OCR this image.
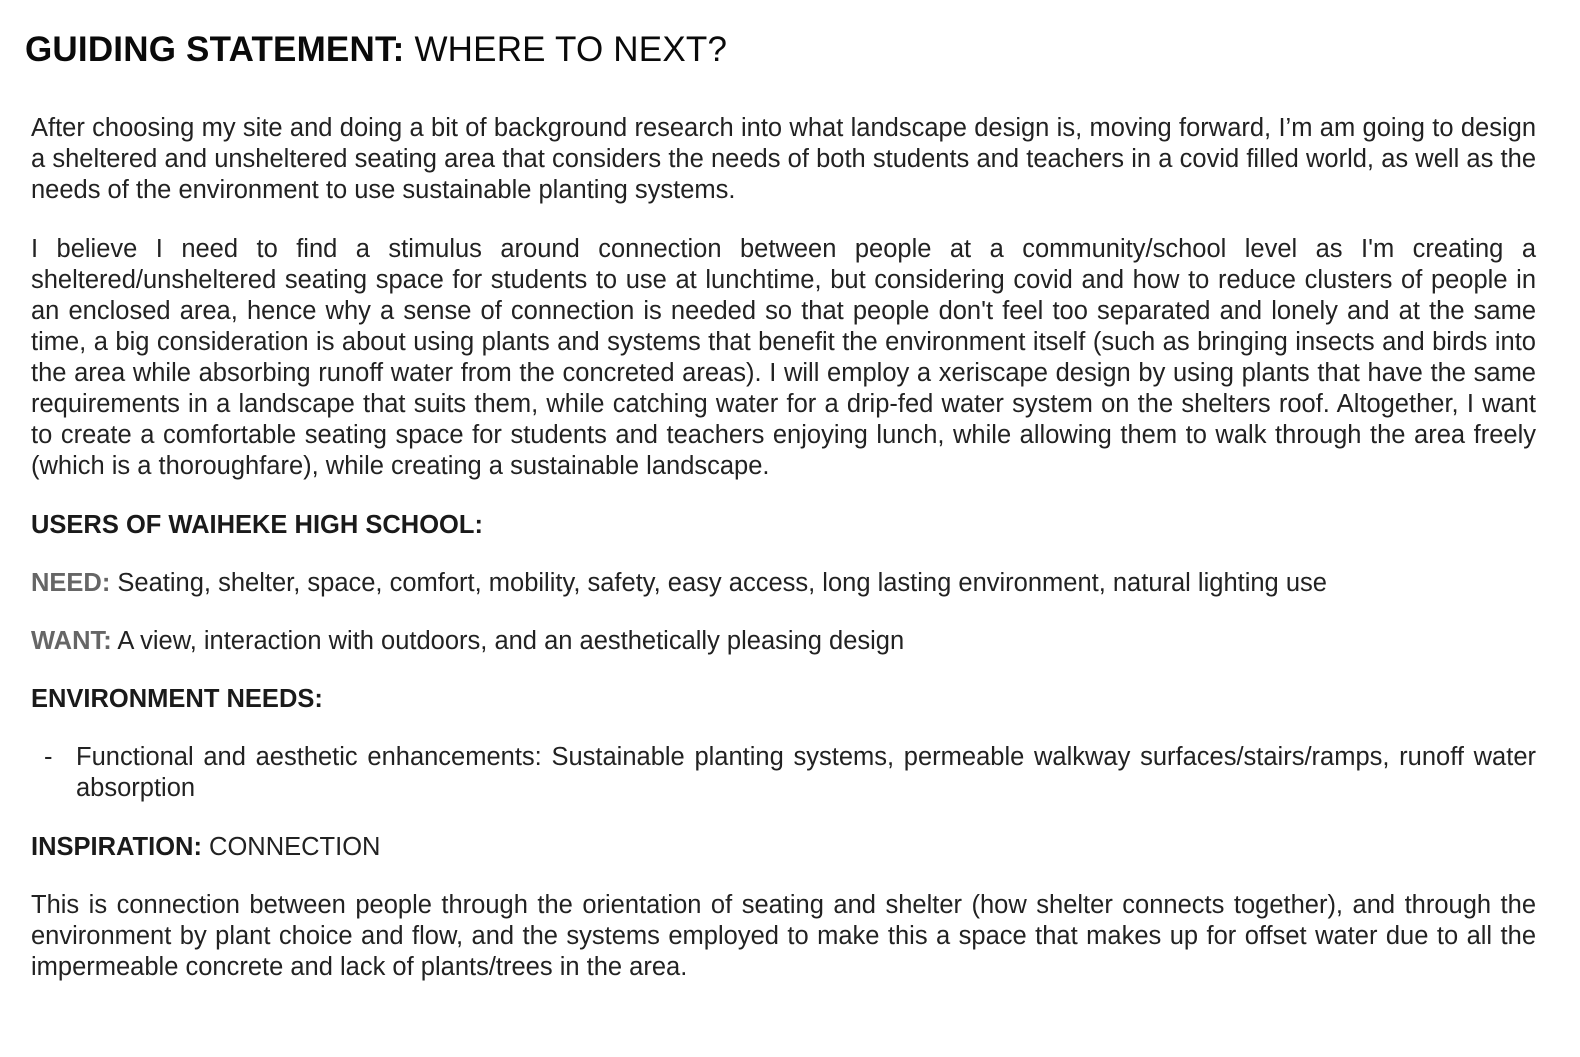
GUIDING STATEMENT: WHERE TO NEXT?

After choosing my site and doing a bit of background research into what landscape design is, moving forward, I’m am going to design a sheltered and unsheltered seating area that considers the needs of both students and teachers in a covid filled world, as well as the needs of the environment to use sustainable planting systems.

I believe I need to find a stimulus around connection between people at a community/school level as I'm creating a sheltered/unsheltered seating space for students to use at lunchtime, but considering covid and how to reduce clusters of people in an enclosed area, hence why a sense of connection is needed so that people don't feel too separated and lonely and at the same time, a big consideration is about using plants and systems that benefit the environment itself (such as bringing insects and birds into the area while absorbing runoff water from the concreted areas). I will employ a xeriscape design by using plants that have the same requirements in a landscape that suits them, while catching water for a drip-fed water system on the shelters roof. Altogether, I want to create a comfortable seating space for students and teachers enjoying lunch, while allowing them to walk through the area freely (which is a thoroughfare), while creating a sustainable landscape.

USERS OF WAIHEKE HIGH SCHOOL:

NEED: Seating, shelter, space, comfort, mobility, safety, easy access, long lasting environment, natural lighting use

WANT: A view, interaction with outdoors, and an aesthetically pleasing design

ENVIRONMENT NEEDS:

- Functional and aesthetic enhancements: Sustainable planting systems, permeable walkway surfaces/stairs/ramps, runoff water absorption

INSPIRATION: CONNECTION

This is connection between people through the orientation of seating and shelter (how shelter connects together), and through the environment by plant choice and flow, and the systems employed to make this a space that makes up for offset water due to all the impermeable concrete and lack of plants/trees in the area.
